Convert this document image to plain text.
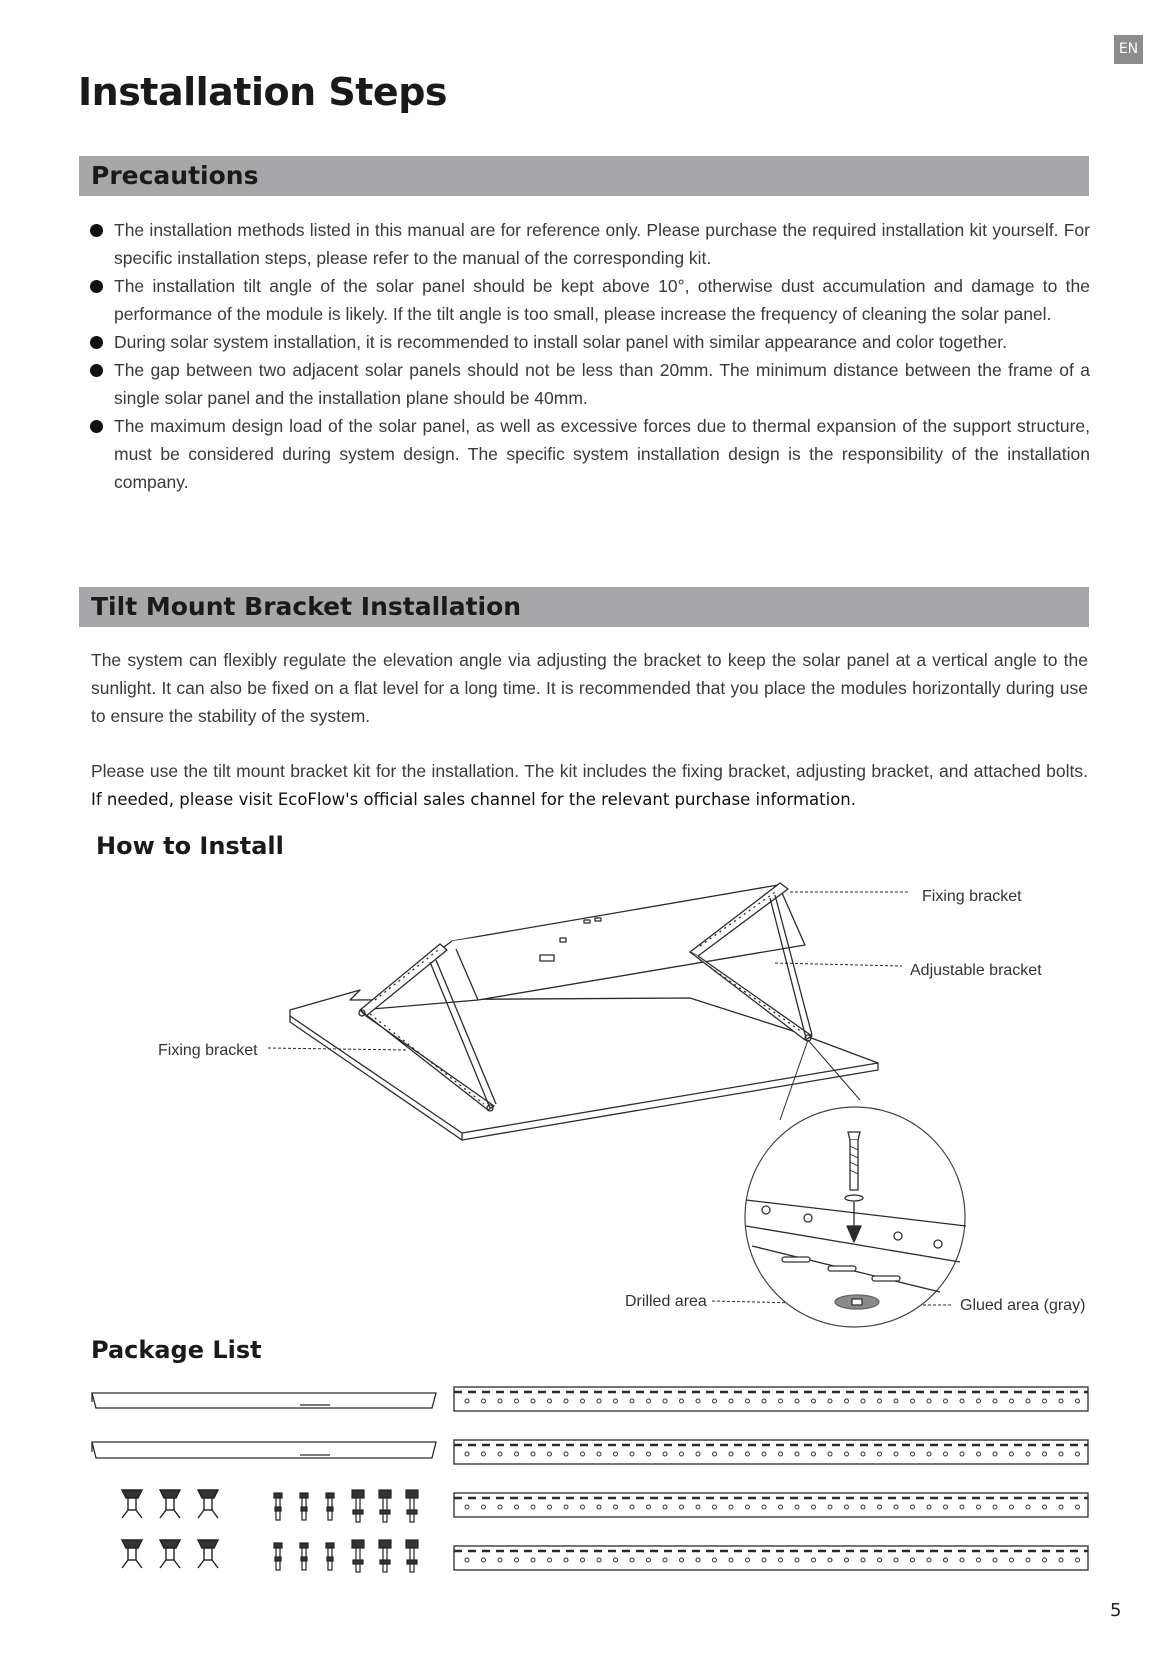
EN
Installation Steps
Precautions
The installation methods listed in this manual are for reference only. Please purchase the required installation kit yourself. For specific installation steps, please refer to the manual of the corresponding kit.
The installation tilt angle of the solar panel should be kept above 10°, otherwise dust accumulation and damage to the performance of the module is likely. If the tilt angle is too small, please increase the frequency of cleaning the solar panel.
During solar system installation, it is recommended to install solar panel with similar appearance and color together.
The gap between two adjacent solar panels should not be less than 20mm. The minimum distance between the frame of a single solar panel and the installation plane should be 40mm.
The maximum design load of the solar panel, as well as excessive forces due to thermal expansion of the support structure, must be considered during system design. The specific system installation design is the responsibility of the installation company.
Tilt Mount Bracket Installation

The system can flexibly regulate the elevation angle via adjusting the bracket to keep the solar panel at a vertical angle to the sunlight. It can also be fixed on a flat level for a long time. It is recommended that you place the modules horizontally during use to ensure the stability of the system.

Please use the tilt mount bracket kit for the installation. The kit includes the fixing bracket, adjusting bracket, and attached bolts. If needed, please visit EcoFlow's official sales channel for the relevant purchase information.

How to Install
Fixing bracket
Adjustable bracket
Fixing bracket
Drilled area	Glued area (gray)
Package List
5
